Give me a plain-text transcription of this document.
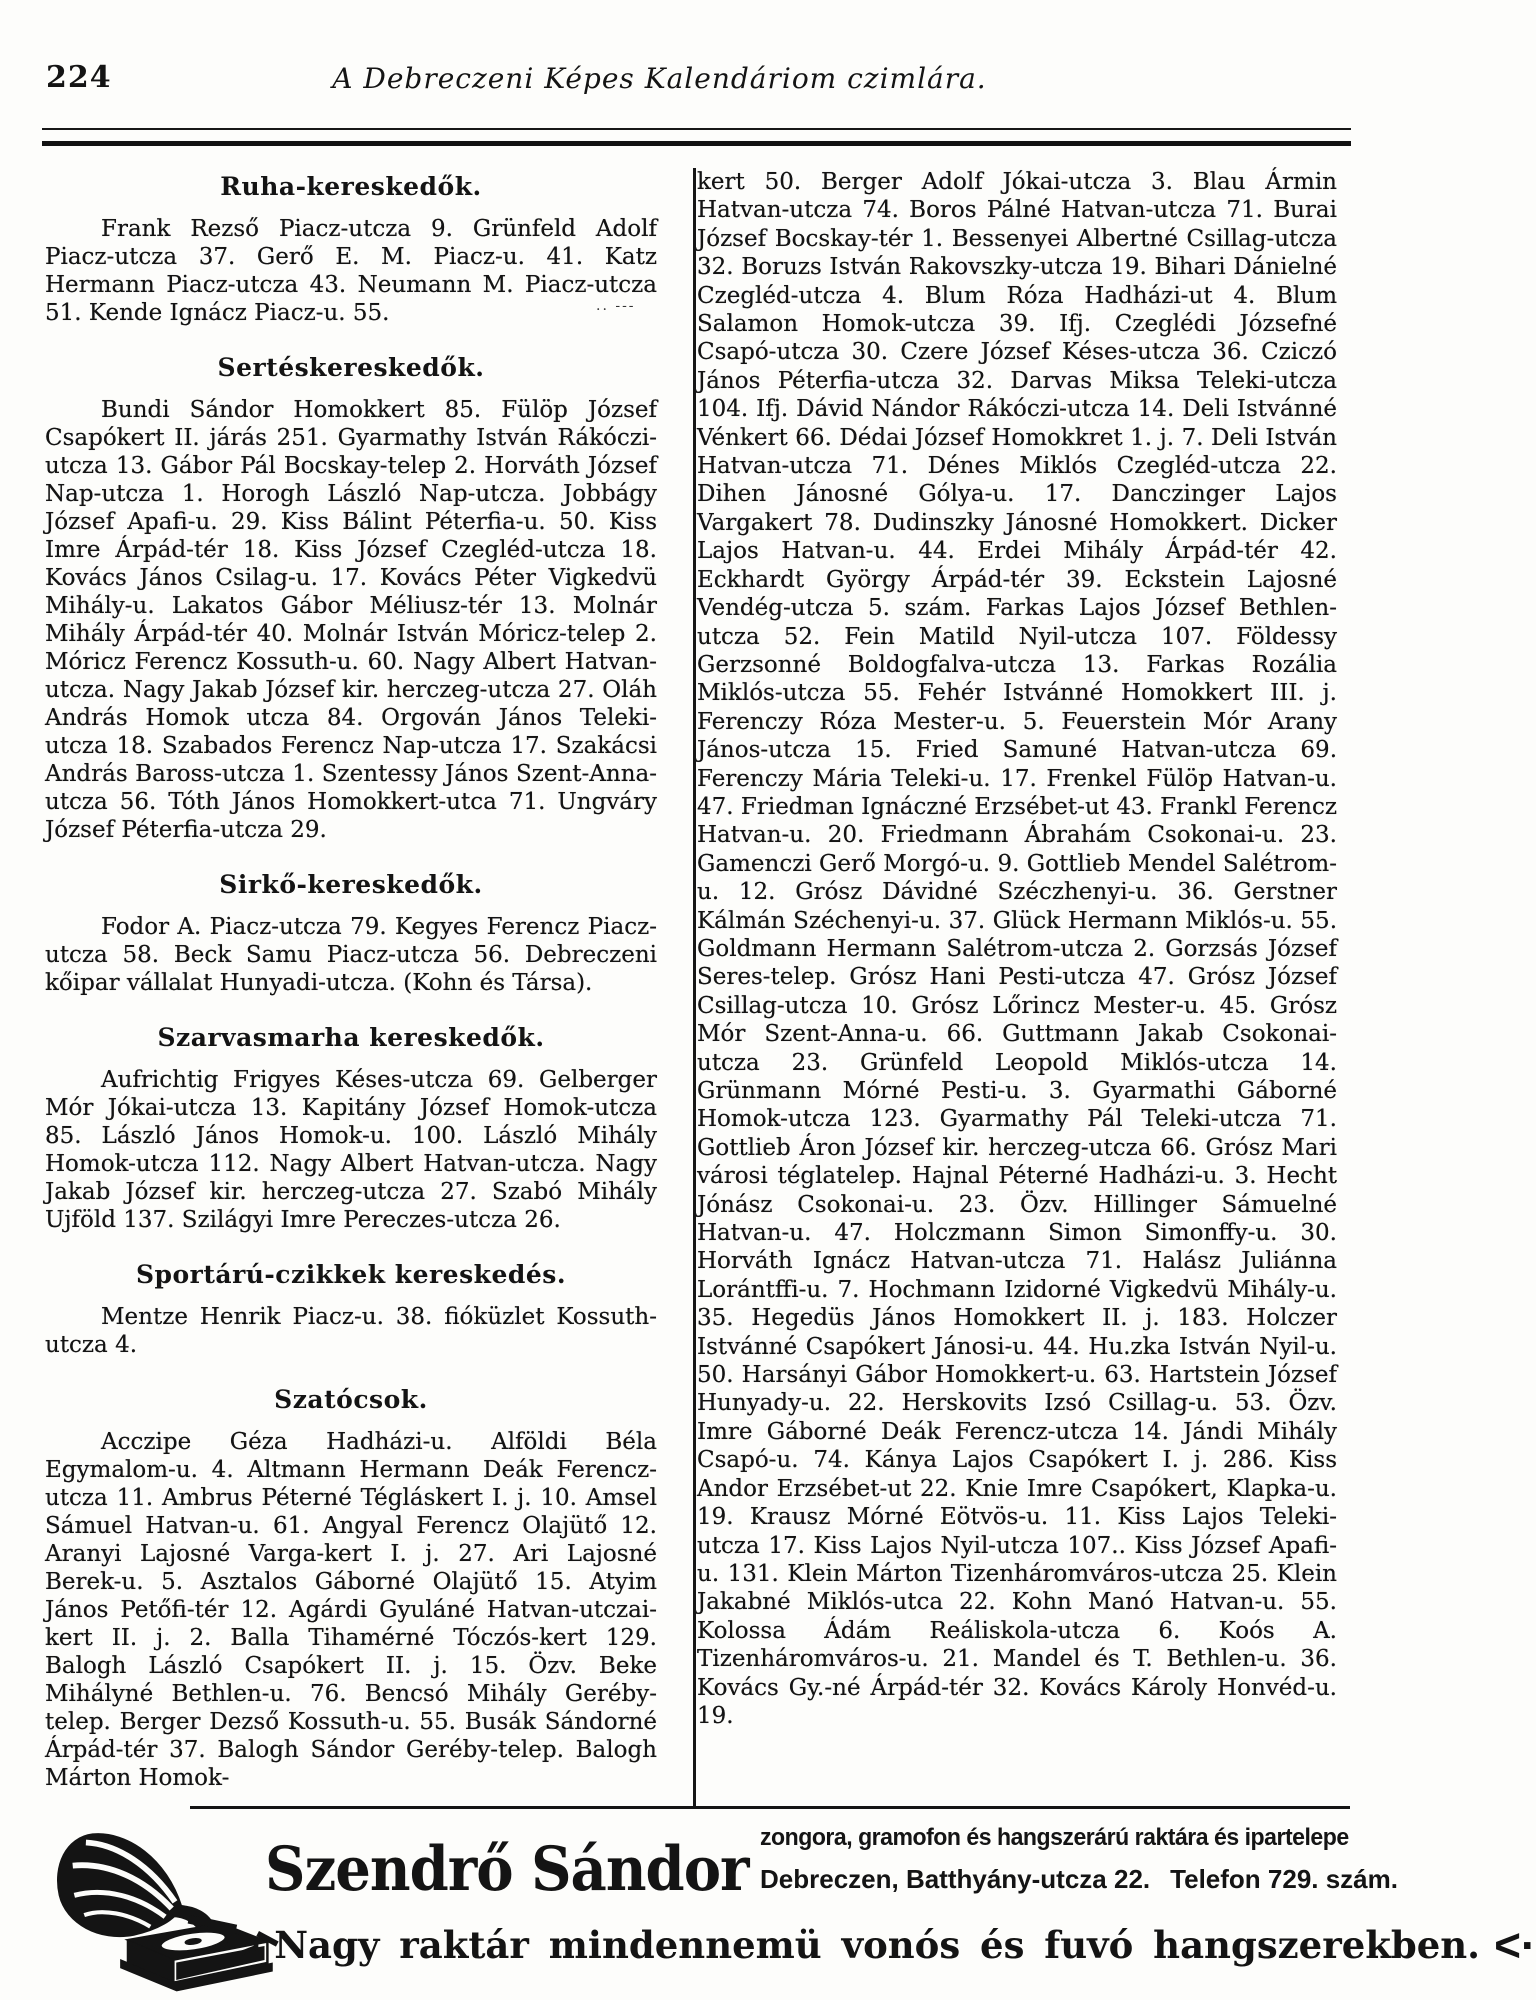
224	A Debreczeni Képes Kalendáriom czimlára.
Ruha-kereskedők.

Frank Rezső Piacz-utcza 9. Grünfeld Adolf Piacz-utcza 37. Gerő E. M. Piacz-u. 41. Katz Hermann Piacz-utcza 43. Neumann M. Piacz-utcza 51. Kende Ignácz Piacz-u. 55.

Sertéskereskedők.

Bundi Sándor Homokkert 85. Fülöp József Csapókert II. járás 251. Gyarmathy István Rákóczi-utcza 13. Gábor Pál Bocskay-telep 2. Horváth József Nap-utcza 1. Horogh László Nap-utcza. Jobbágy József Apafi-u. 29. Kiss Bálint Péterfia-u. 50. Kiss Imre Árpád-tér 18. Kiss József Czegléd-utcza 18. Kovács János Csilag-u. 17. Kovács Péter Vigkedvü Mihály-u. Lakatos Gábor Méliusz-tér 13. Molnár Mihály Árpád-tér 40. Molnár István Móricz-telep 2. Móricz Ferencz Kossuth-u. 60. Nagy Albert Hatvan-utcza. Nagy Jakab József kir. herczeg-utcza 27. Oláh András Homok utcza 84. Orgován János Teleki-utcza 18. Szabados Ferencz Nap-utcza 17. Szakácsi András Baross-utcza 1. Szentessy János Szent-Anna-utcza 56. Tóth János Homokkert-utca 71. Ungváry József Péterfia-utcza 29.

Sirkő-kereskedők.

Fodor A. Piacz-utcza 79. Kegyes Ferencz Piacz-utcza 58. Beck Samu Piacz-utcza 56. Debreczeni kőipar vállalat Hunyadi-utcza. (Kohn és Társa).

Szarvasmarha kereskedők.

Aufrichtig Frigyes Késes-utcza 69. Gelberger Mór Jókai-utcza 13. Kapitány József Homok-utcza 85. László János Homok-u. 100. László Mihály Homok-utcza 112. Nagy Albert Hatvan-utcza. Nagy Jakab József kir. herczeg-utcza 27. Szabó Mihály Ujföld 137. Szilágyi Imre Pereczes-utcza 26.

Sportárú-czikkek kereskedés.

Mentze Henrik Piacz-u. 38. fióküzlet Kossuth-utcza 4.

Szatócsok.

Acczipe Géza Hadházi-u. Alföldi Béla Egymalom-u. 4. Altmann Hermann Deák Ferencz-utcza 11. Ambrus Péterné Tégláskert I. j. 10. Amsel Sámuel Hatvan-u. 61. Angyal Ferencz Olajütő 12. Aranyi Lajosné Varga-kert I. j. 27. Ari Lajosné Berek-u. 5. Asztalos Gáborné Olajütő 15. Atyim János Petőfi-tér 12. Agárdi Gyuláné Hatvan-utczai-kert II. j. 2. Balla Tihamérné Tóczós-kert 129. Balogh László Csapókert II. j. 15. Özv. Beke Mihályné Bethlen-u. 76. Bencsó Mihály Geréby-telep. Berger Dezső Kossuth-u. 55. Busák Sándorné Árpád-tér 37. Balogh Sándor Geréby-telep. Balogh Márton Homok-

kert 50. Berger Adolf Jókai-utcza 3. Blau Ármin Hatvan-utcza 74. Boros Pálné Hatvan-utcza 71. Burai József Bocskay-tér 1. Bessenyei Albertné Csillag-utcza 32. Boruzs István Rakovszky-utcza 19. Bihari Dánielné Czegléd-utcza 4. Blum Róza Hadházi-ut 4. Blum Salamon Homok-utcza 39. Ifj. Czeglédi Józsefné Csapó-utcza 30. Czere József Késes-utcza 36. Cziczó János Péterfia-utcza 32. Darvas Miksa Teleki-utcza 104. Ifj. Dávid Nándor Rákóczi-utcza 14. Deli Istvánné Vénkert 66. Dédai József Homokkret 1. j. 7. Deli István Hatvan-utcza 71. Dénes Miklós Czegléd-utcza 22. Dihen Jánosné Gólya-u. 17. Danczinger Lajos Vargakert 78. Dudinszky Jánosné Homokkert. Dicker Lajos Hatvan-u. 44. Erdei Mihály Árpád-tér 42. Eckhardt György Árpád-tér 39. Eckstein Lajosné Vendég-utcza 5. szám. Farkas Lajos József Bethlen-utcza 52. Fein Matild Nyil-utcza 107. Földessy Gerzsonné Boldogfalva-utcza 13. Farkas Rozália Miklós-utcza 55. Fehér Istvánné Homokkert III. j. Ferenczy Róza Mester-u. 5. Feuerstein Mór Arany János-utcza 15. Fried Samuné Hatvan-utcza 69. Ferenczy Mária Teleki-u. 17. Frenkel Fülöp Hatvan-u. 47. Friedman Ignáczné Erzsébet-ut 43. Frankl Ferencz Hatvan-u. 20. Friedmann Ábrahám Csokonai-u. 23. Gamenczi Gerő Morgó-u. 9. Gottlieb Mendel Salétrom-u. 12. Grósz Dávidné Széczhenyi-u. 36. Gerstner Kálmán Széchenyi-u. 37. Glück Hermann Miklós-u. 55. Goldmann Hermann Salétrom-utcza 2. Gorzsás József Seres-telep. Grósz Hani Pesti-utcza 47. Grósz József Csillag-utcza 10. Grósz Lőrincz Mester-u. 45. Grósz Mór Szent-Anna-u. 66. Guttmann Jakab Csokonai-utcza 23. Grünfeld Leopold Miklós-utcza 14. Grünmann Mórné Pesti-u. 3. Gyarmathi Gáborné Homok-utcza 123. Gyarmathy Pál Teleki-utcza 71. Gottlieb Áron József kir. herczeg-utcza 66. Grósz Mari városi téglatelep. Hajnal Péterné Hadházi-u. 3. Hecht Jónász Csokonai-u. 23. Özv. Hillinger Sámuelné Hatvan-u. 47. Holczmann Simon Simonffy-u. 30. Horváth Ignácz Hatvan-utcza 71. Halász Juliánna Lorántffi-u. 7. Hochmann Izidorné Vigkedvü Mihály-u. 35. Hegedüs János Homokkert II. j. 183. Holczer Istvánné Csapókert Jánosi-u. 44. Hu.zka István Nyil-u. 50. Harsányi Gábor Homokkert-u. 63. Hartstein József Hunyady-u. 22. Herskovits Izsó Csillag-u. 53. Özv. Imre Gáborné Deák Ferencz-utcza 14. Jándi Mihály Csapó-u. 74. Kánya Lajos Csapókert I. j. 286. Kiss Andor Erzsébet-ut 22. Knie Imre Csapókert, Klapka-u. 19. Krausz Mórné Eötvös-u. 11. Kiss Lajos Teleki-utcza 17. Kiss Lajos Nyil-utcza 107.. Kiss József Apafi-u. 131. Klein Márton Tizenháromváros-utcza 25. Klein Jakabné Miklós-utca 22. Kohn Manó Hatvan-u. 55. Kolossa Ádám Reáliskola-utcza 6. Koós A. Tizenháromváros-u. 21. Mandel és T. Bethlen-u. 36. Kovács Gy.-né Árpád-tér 32. Kovács Károly Honvéd-u. 19.

.. ---
Szendrő Sándor zongora, gramofon és hangszerárú raktára és ipartelepe
Debreczen, Batthyány-utcza 22. Telefon 729. szám.
·> Nagy raktár mindennemü vonós és fuvó hangszerekben. <·
